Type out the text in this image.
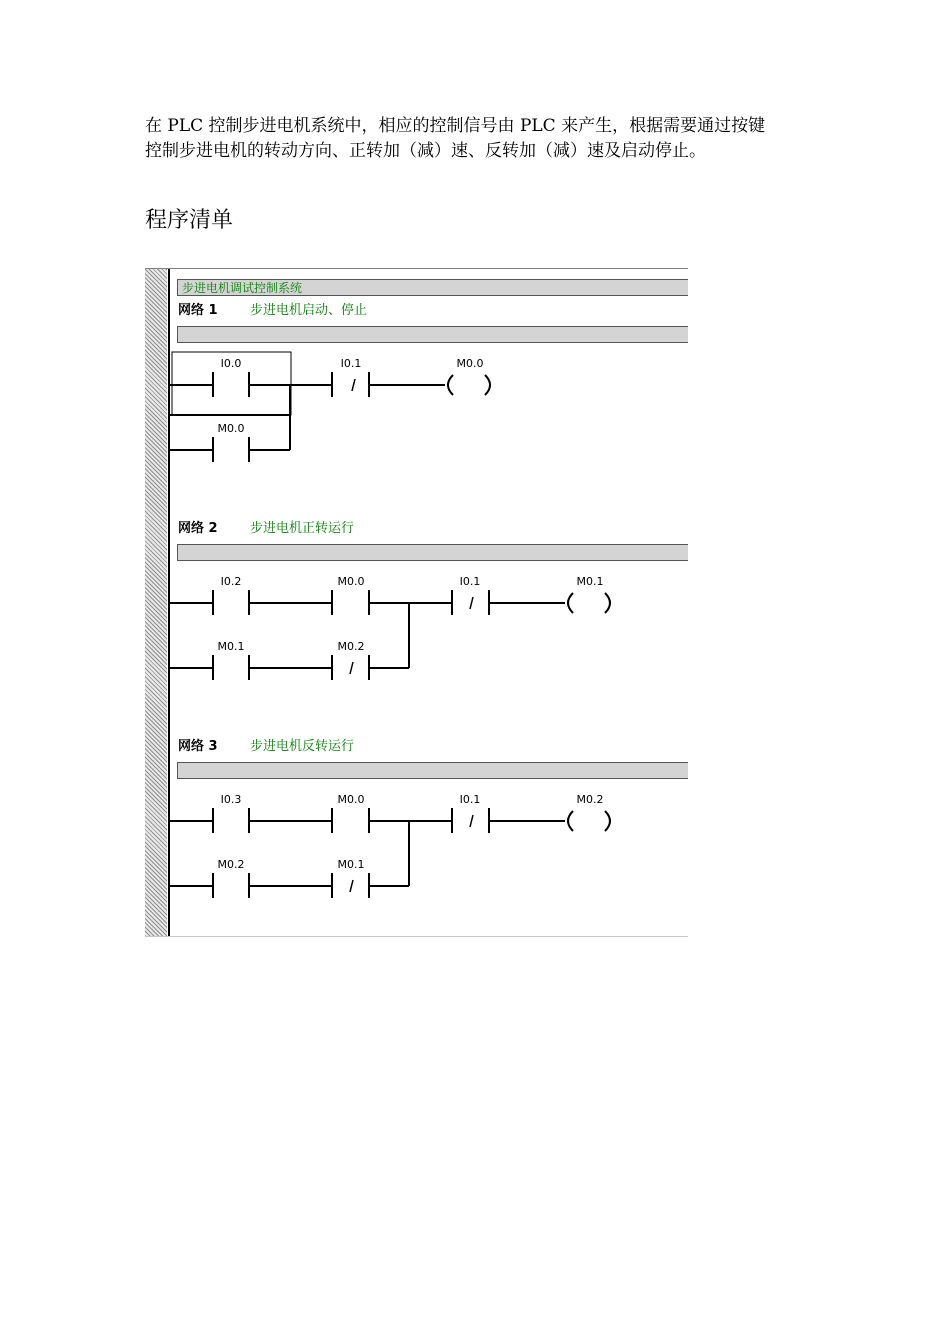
在 PLC 控制步进电机系统中，相应的控制信号由 PLC 来产生，根据需要通过按键

控制步进电机的转动方向、正转加（减）速、反转加（减）速及启动停止。

程序清单
步进电机调试控制系统
网络 1 步进电机启动、停止
网络 2 步进电机正转运行
网络 3 步进电机反转运行
I0.0	I0.1	M0.0
M0.0
I0.2	M0.0	I0.1	M0.1
M0.1	M0.2
I0.3	M0.0	I0.1	M0.2
M0.2	M0.1
